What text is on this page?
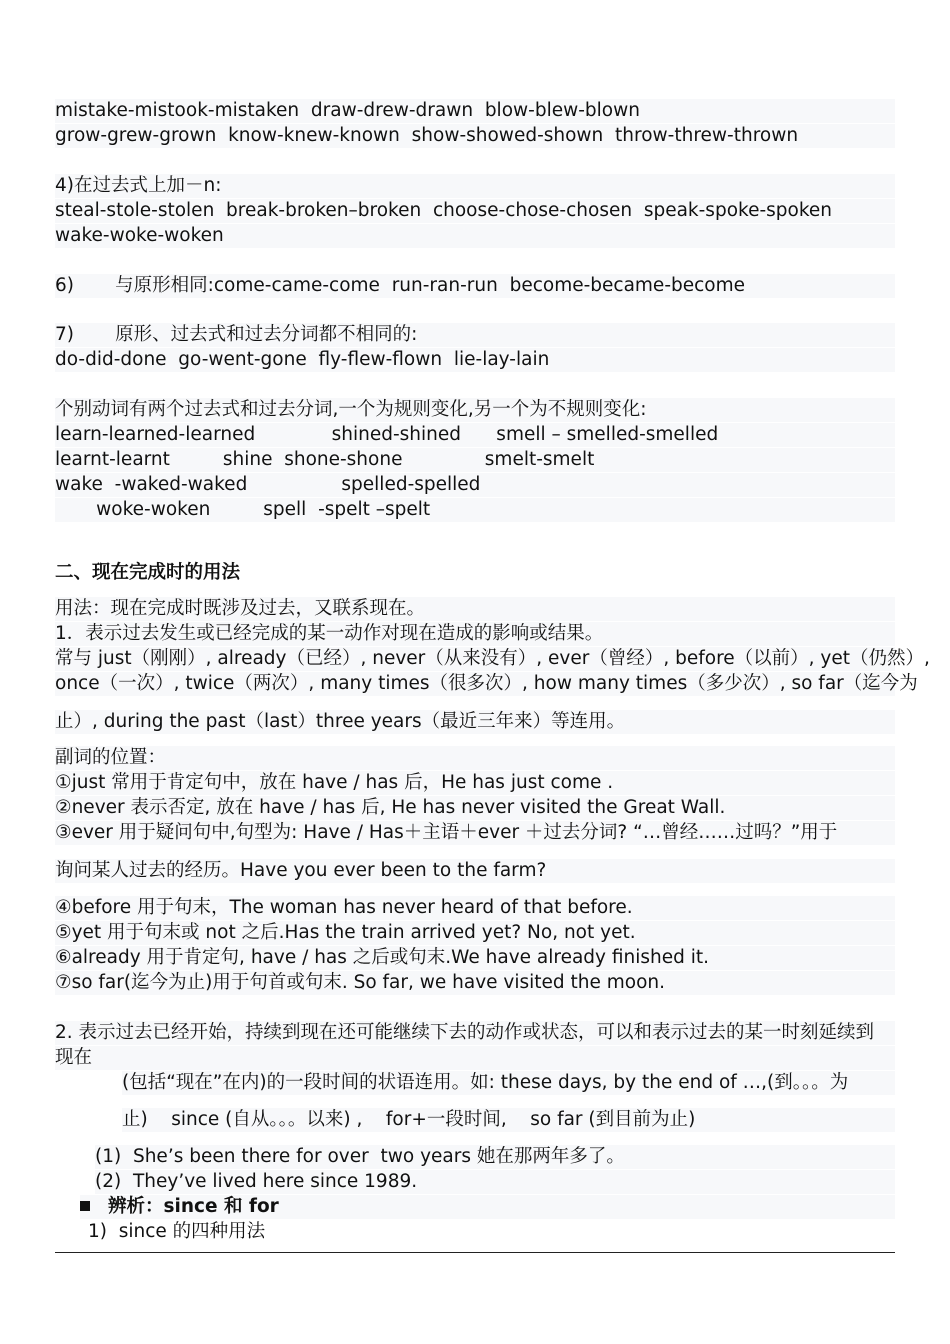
mistake-mistook-mistaken  draw-drew-drawn  blow-blew-blown
grow-grew-grown  know-knew-known  show-showed-shown  throw-threw-thrown
4)在过去式上加－n:
steal-stole-stolen  break-broken–broken  choose-chose-chosen  speak-spoke-spoken
wake-woke-woken
6)       与原形相同:come-came-come  run-ran-run  become-became-become
7)       原形、过去式和过去分词都不相同的:
do-did-done  go-went-gone  fly-flew-flown  lie-lay-lain
个别动词有两个过去式和过去分词,一个为规则变化,另一个为不规则变化:
learn-learned-learned             shined-shined      smell – smelled-smelled
learnt-learnt         shine  shone-shone              smelt-smelt
wake  -waked-waked                spelled-spelled
woke-woken         spell  -spelt –spelt
二、现在完成时的用法
用法：现在完成时既涉及过去，又联系现在。
1．表示过去发生或已经完成的某一动作对现在造成的影响或结果。
常与 just（刚刚）, already（已经）, never（从来没有）, ever（曾经）, before（以前）, yet（仍然）,
once（一次）, twice（两次）, many times（很多次）, how many times（多少次）, so far（迄今为
止）, during the past（last）three years（最近三年来）等连用。
副词的位置：
①just 常用于肯定句中，放在 have / has 后，He has just come .
②never 表示否定, 放在 have / has 后, He has never visited the Great Wall.
③ever 用于疑问句中,句型为: Have / Has＋主语＋ever ＋过去分词? “…曾经……过吗？”用于
询问某人过去的经历。Have you ever been to the farm?
④before 用于句末，The woman has never heard of that before.
⑤yet 用于句末或 not 之后.Has the train arrived yet? No, not yet.
⑥already 用于肯定句, have / has 之后或句末.We have already finished it.
⑦so far(迄今为止)用于句首或句末. So far, we have visited the moon.
2. 表示过去已经开始，持续到现在还可能继续下去的动作或状态，可以和表示过去的某一时刻延续到
现在
(包括“现在”在内)的一段时间的状语连用。如: these days, by the end of …,(到。。。为
止)    since (自从。。。以来) ,    for+一段时间,    so far (到目前为止)
(1)  She’s been there for over  two years 她在那两年多了。
(2)  They’ve lived here since 1989.
辨析：since 和 for
1)  since 的四种用法
